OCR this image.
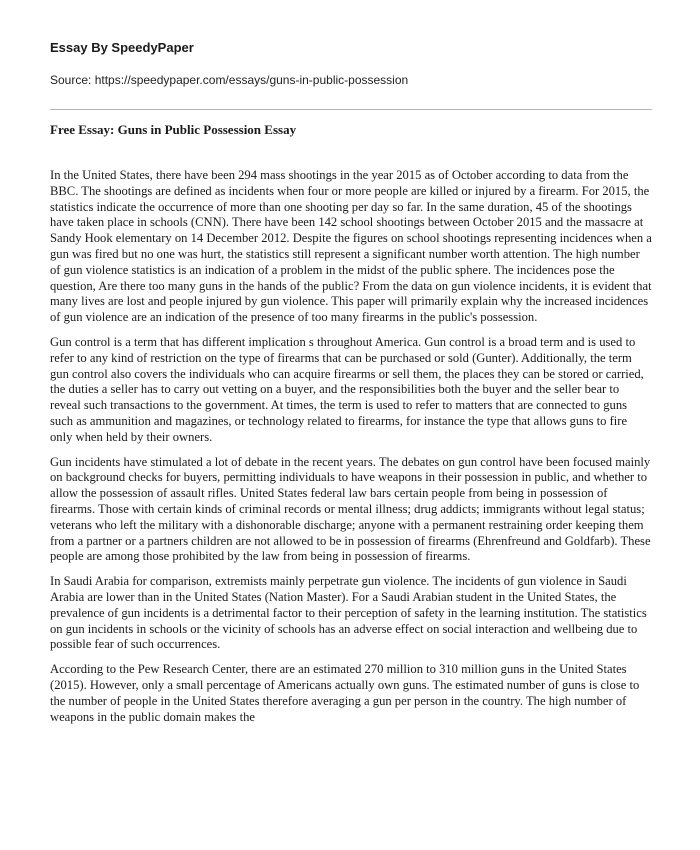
Essay By SpeedyPaper
Source: https://speedypaper.com/essays/guns-in-public-possession
Free Essay: Guns in Public Possession Essay

In the United States, there have been 294 mass shootings in the year 2015 as of October according to data from the BBC. The shootings are defined as incidents when four or more people are killed or injured by a firearm. For 2015, the statistics indicate the occurrence of more than one shooting per day so far. In the same duration, 45 of the shootings have taken place in schools (CNN). There have been 142 school shootings between October 2015 and the massacre at Sandy Hook elementary on 14 December 2012. Despite the figures on school shootings representing incidences when a gun was fired but no one was hurt, the statistics still represent a significant number worth attention. The high number of gun violence statistics is an indication of a problem in the midst of the public sphere. The incidences pose the question, Are there too many guns in the hands of the public? From the data on gun violence incidents, it is evident that many lives are lost and people injured by gun violence. This paper will primarily explain why the increased incidences of gun violence are an indication of the presence of too many firearms in the public's possession.

Gun control is a term that has different implication s throughout America. Gun control is a broad term and is used to refer to any kind of restriction on the type of firearms that can be purchased or sold (Gunter). Additionally, the term gun control also covers the individuals who can acquire firearms or sell them, the places they can be stored or carried, the duties a seller has to carry out vetting on a buyer, and the responsibilities both the buyer and the seller bear to reveal such transactions to the government. At times, the term is used to refer to matters that are connected to guns such as ammunition and magazines, or technology related to firearms, for instance the type that allows guns to fire only when held by their owners.

Gun incidents have stimulated a lot of debate in the recent years. The debates on gun control have been focused mainly on background checks for buyers, permitting individuals to have weapons in their possession in public, and whether to allow the possession of assault rifles. United States federal law bars certain people from being in possession of firearms. Those with certain kinds of criminal records or mental illness; drug addicts; immigrants without legal status; veterans who left the military with a dishonorable discharge; anyone with a permanent restraining order keeping them from a partner or a partners children are not allowed to be in possession of firearms (Ehrenfreund and Goldfarb). These people are among those prohibited by the law from being in possession of firearms.

In Saudi Arabia for comparison, extremists mainly perpetrate gun violence. The incidents of gun violence in Saudi Arabia are lower than in the United States (Nation Master). For a Saudi Arabian student in the United States, the prevalence of gun incidents is a detrimental factor to their perception of safety in the learning institution. The statistics on gun incidents in schools or the vicinity of schools has an adverse effect on social interaction and wellbeing due to possible fear of such occurrences.

According to the Pew Research Center, there are an estimated 270 million to 310 million guns in the United States (2015). However, only a small percentage of Americans actually own guns. The estimated number of guns is close to the number of people in the United States therefore averaging a gun per person in the country. The high number of weapons in the public domain makes the
